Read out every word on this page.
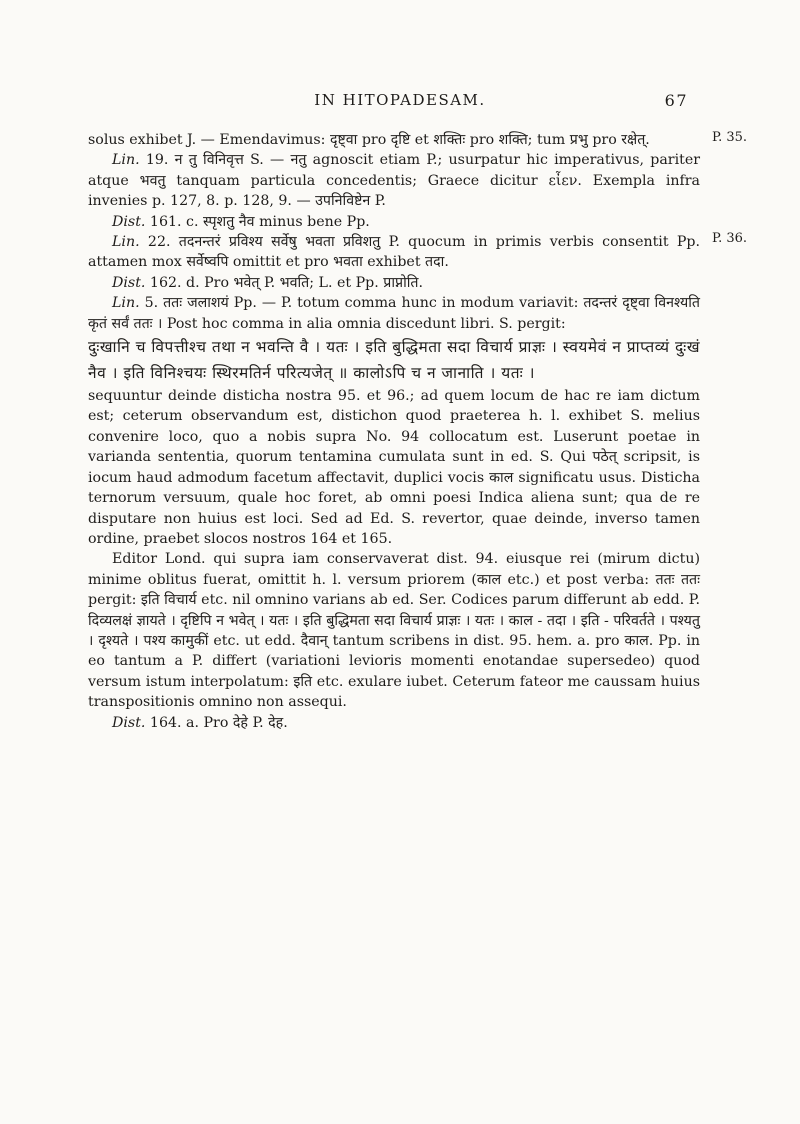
IN HITOPADESAM.	67
P. 35.
P. 36.

solus exhibet J. — Emendavimus: दृष्ट्वा pro दृष्टि et शक्तिः pro शक्ति; tum प्रभु pro रक्षेत्.

Lin. 19. न तु विनिवृत्त S. — नतु agnoscit etiam P.; usurpatur hic imperativus, pariter atque भवतु tanquam particula concedentis; Graece dicitur εἶεν. Exempla infra invenies p. 127, 8. p. 128, 9. — उपनिविष्टेन P.

Dist. 161. c. स्पृशतु नैव minus bene Pp.

Lin. 22. तदनन्तरं प्रविश्य सर्वेषु भवता प्रविशतु P. quocum in primis verbis consentit Pp. attamen mox सर्वेष्वपि omittit et pro भवता exhibet तदा.

Dist. 162. d. Pro भवेत् P. भवति; L. et Pp. प्राप्नोति.

Lin. 5. ततः जलाशयं Pp. — P. totum comma hunc in modum variavit: तदन्तरं दृष्ट्वा विनश्यति कृतं सर्वं ततः । Post hoc comma in alia omnia discedunt libri. S. pergit:

दुःखानि च विपत्तीश्च तथा न भवन्ति वै । यतः । इति बुद्धिमता सदा विचार्य प्राज्ञः । स्वयमेवं न प्राप्तव्यं दुःखं नैव । इति विनिश्चयः स्थिरमतिर्न परित्यजेत् ॥ कालोऽपि च न जानाति । यतः ।

sequuntur deinde disticha nostra 95. et 96.; ad quem locum de hac re iam dictum est; ceterum observandum est, distichon quod praeterea h. l. exhibet S. melius convenire loco, quo a nobis supra No. 94 collocatum est. Luserunt poetae in varianda sententia, quorum tentamina cumulata sunt in ed. S. Qui पठेत् scripsit, is iocum haud admodum facetum affectavit, duplici vocis काल significatu usus. Disticha ternorum versuum, quale hoc foret, ab omni poesi Indica aliena sunt; qua de re disputare non huius est loci. Sed ad Ed. S. revertor, quae deinde, inverso tamen ordine, praebet slocos nostros 164 et 165.

Editor Lond. qui supra iam conservaverat dist. 94. eiusque rei (mirum dictu) minime oblitus fuerat, omittit h. l. versum priorem (काल etc.) et post verba: ततः ततः pergit: इति विचार्य etc. nil omnino varians ab ed. Ser. Codices parum differunt ab edd. P. दिव्यलक्षं ज्ञायते । दृष्टिपि न भवेत् । यतः । इति बुद्धिमता सदा विचार्य प्राज्ञः । यतः । काल - तदा । इति - परिवर्तते । पश्यतु । दृश्यते । पश्य कामुकीं etc. ut edd. दैवान् tantum scribens in dist. 95. hem. a. pro काल. Pp. in eo tantum a P. differt (variationi levioris momenti enotandae supersedeo) quod versum istum interpolatum: इति etc. exulare iubet. Ceterum fateor me caussam huius transpositionis omnino non assequi.

Dist. 164. a. Pro देहे P. देह.
